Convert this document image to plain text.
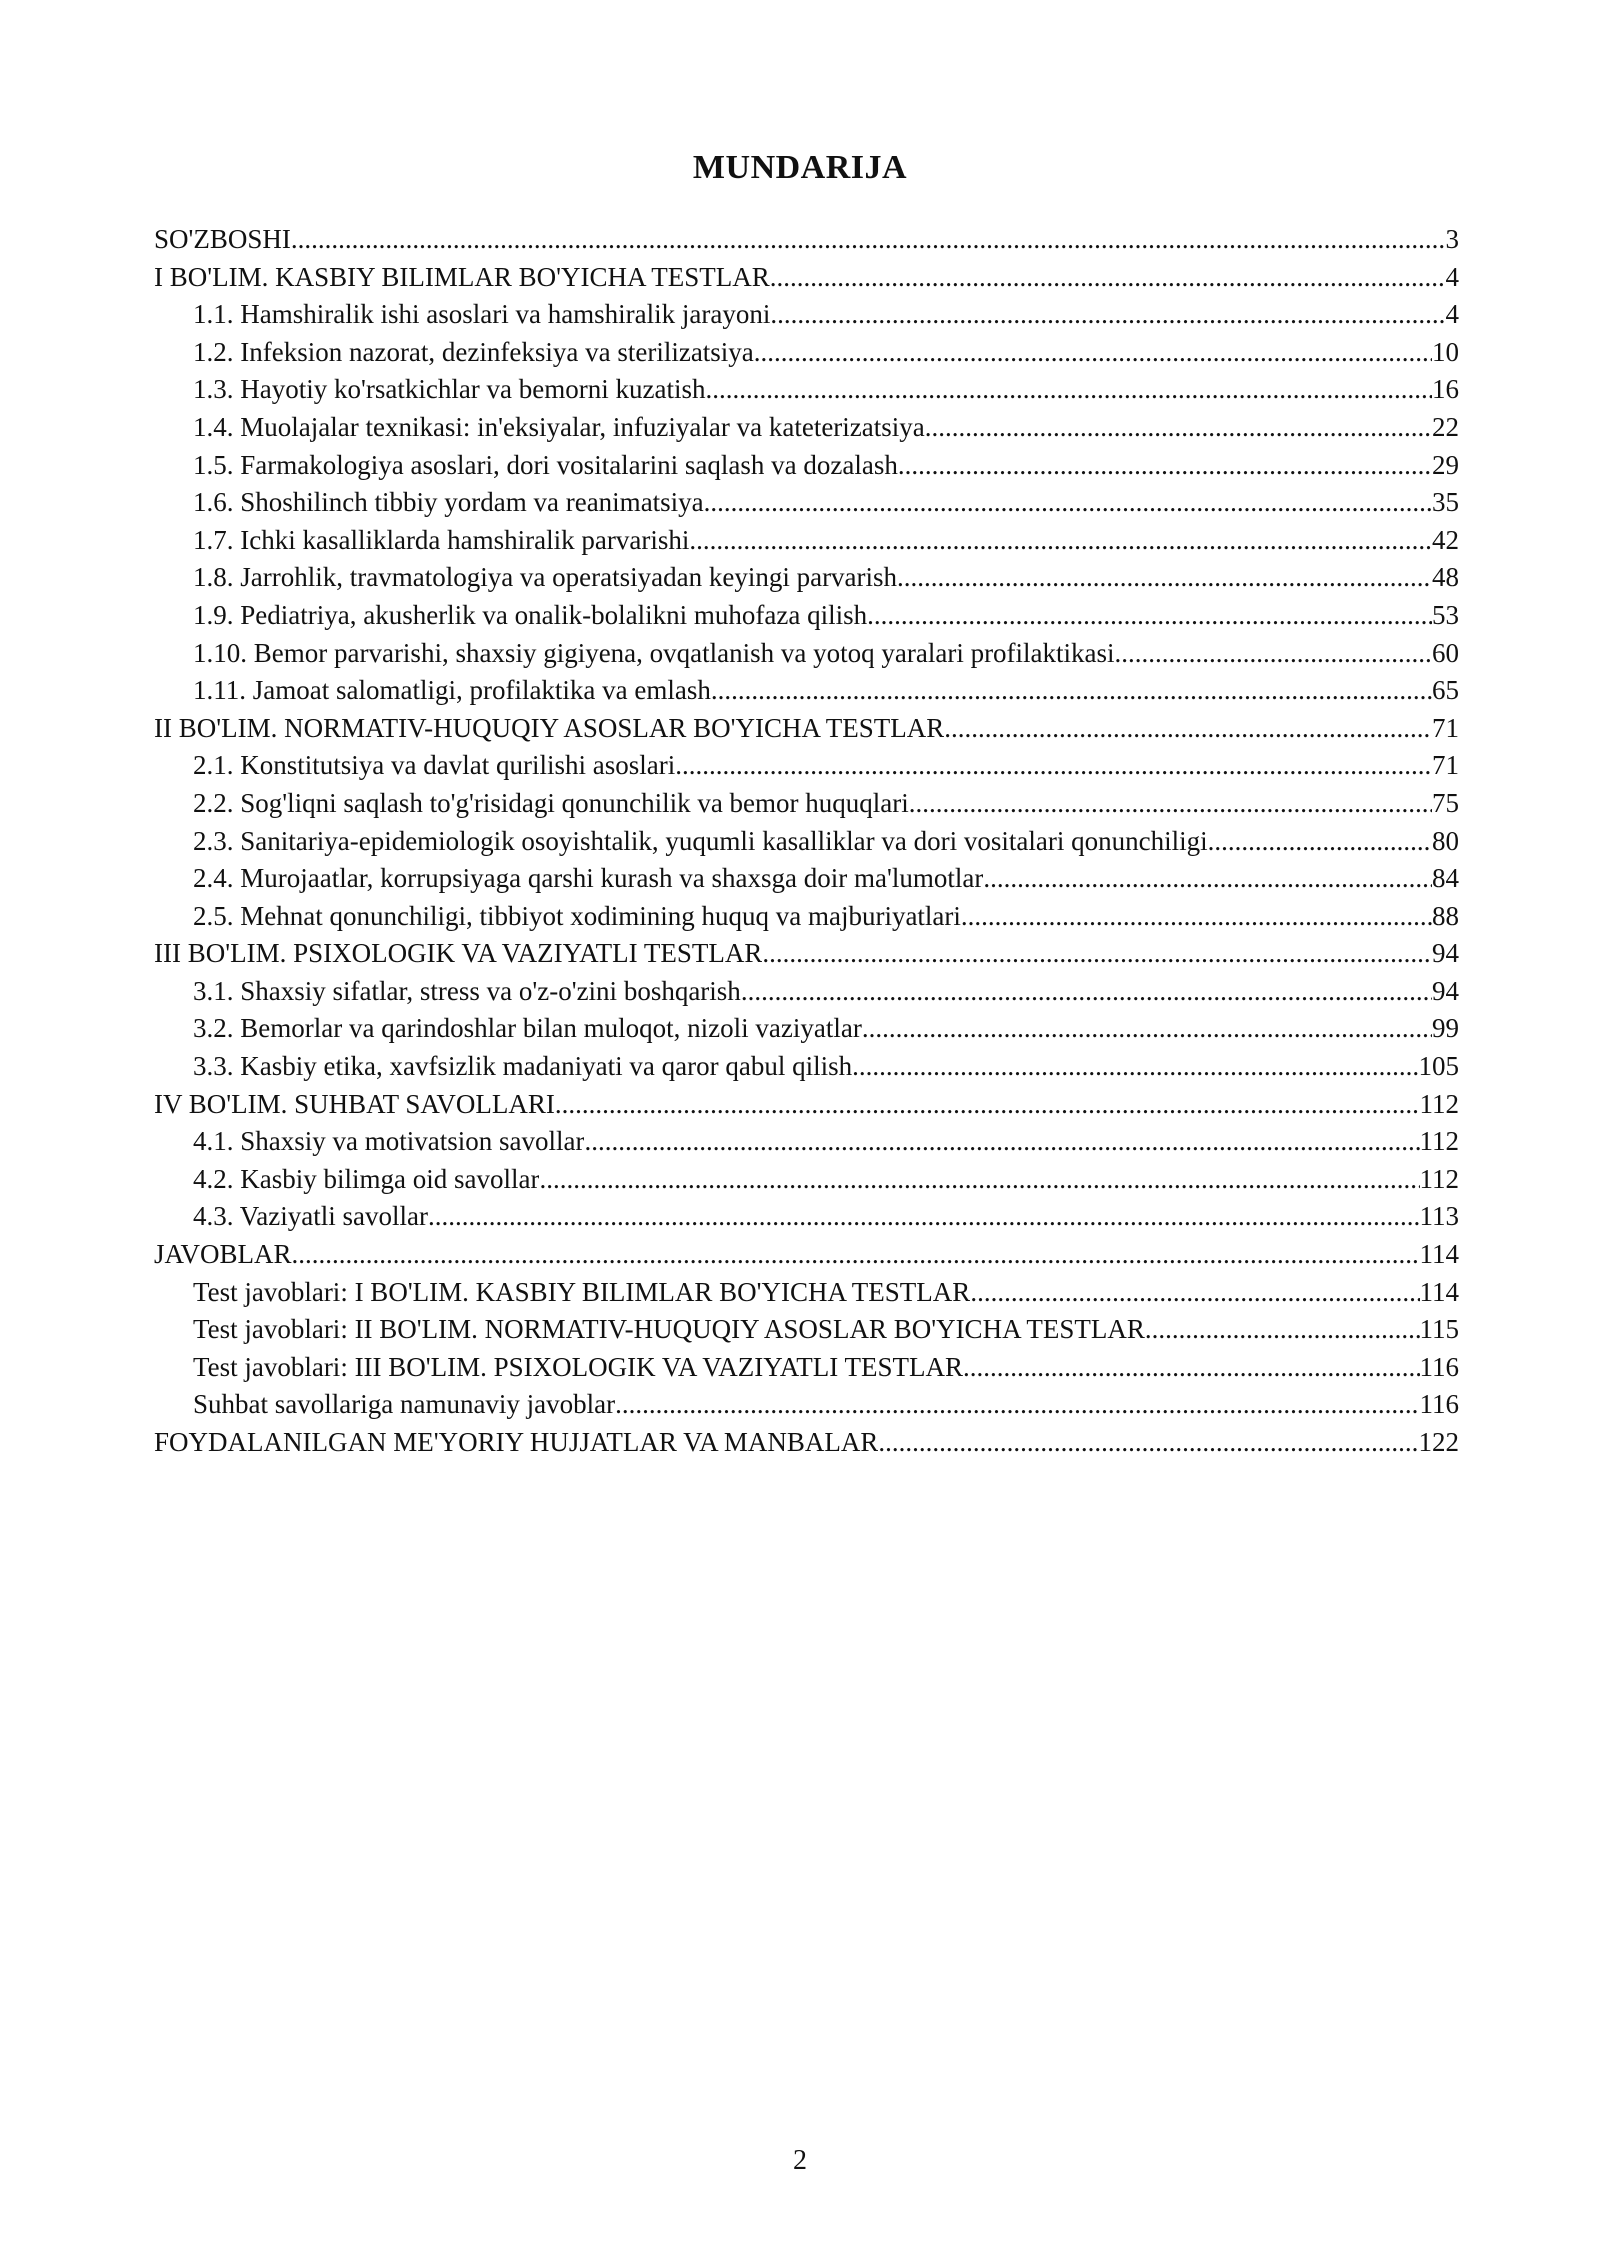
MUNDARIJA
SO'ZBOSHI .....	3
I BO'LIM. KASBIY BILIMLAR BO'YICHA TESTLAR .....	4
1.1. Hamshiralik ishi asoslari va hamshiralik jarayoni .....	4
1.2. Infeksion nazorat, dezinfeksiya va sterilizatsiya .....	10
1.3. Hayotiy ko'rsatkichlar va bemorni kuzatish .....	16
1.4. Muolajalar texnikasi: in'eksiyalar, infuziyalar va kateterizatsiya .....	22
1.5. Farmakologiya asoslari, dori vositalarini saqlash va dozalash .....	29
1.6. Shoshilinch tibbiy yordam va reanimatsiya .....	35
1.7. Ichki kasalliklarda hamshiralik parvarishi .....	42
1.8. Jarrohlik, travmatologiya va operatsiyadan keyingi parvarish .....	48
1.9. Pediatriya, akusherlik va onalik-bolalikni muhofaza qilish .....	53
1.10. Bemor parvarishi, shaxsiy gigiyena, ovqatlanish va yotoq yaralari profilaktikasi .....	60
1.11. Jamoat salomatligi, profilaktika va emlash .....	65
II BO'LIM. NORMATIV-HUQUQIY ASOSLAR BO'YICHA TESTLAR .....	71
2.1. Konstitutsiya va davlat qurilishi asoslari .....	71
2.2. Sog'liqni saqlash to'g'risidagi qonunchilik va bemor huquqlari .....	75
2.3. Sanitariya-epidemiologik osoyishtalik, yuqumli kasalliklar va dori vositalari qonunchiligi .....	80
2.4. Murojaatlar, korrupsiyaga qarshi kurash va shaxsga doir ma'lumotlar .....	84
2.5. Mehnat qonunchiligi, tibbiyot xodimining huquq va majburiyatlari .....	88
III BO'LIM. PSIXOLOGIK VA VAZIYATLI TESTLAR .....	94
3.1. Shaxsiy sifatlar, stress va o'z-o'zini boshqarish .....	94
3.2. Bemorlar va qarindoshlar bilan muloqot, nizoli vaziyatlar .....	99
3.3. Kasbiy etika, xavfsizlik madaniyati va qaror qabul qilish .....	105
IV BO'LIM. SUHBAT SAVOLLARI .....	112
4.1. Shaxsiy va motivatsion savollar .....	112
4.2. Kasbiy bilimga oid savollar .....	112
4.3. Vaziyatli savollar .....	113
JAVOBLAR .....	114
Test javoblari: I BO'LIM. KASBIY BILIMLAR BO'YICHA TESTLAR .....	114
Test javoblari: II BO'LIM. NORMATIV-HUQUQIY ASOSLAR BO'YICHA TESTLAR .....	115
Test javoblari: III BO'LIM. PSIXOLOGIK VA VAZIYATLI TESTLAR .....	116
Suhbat savollariga namunaviy javoblar .....	116
FOYDALANILGAN ME'YORIY HUJJATLAR VA MANBALAR .....	122
2
